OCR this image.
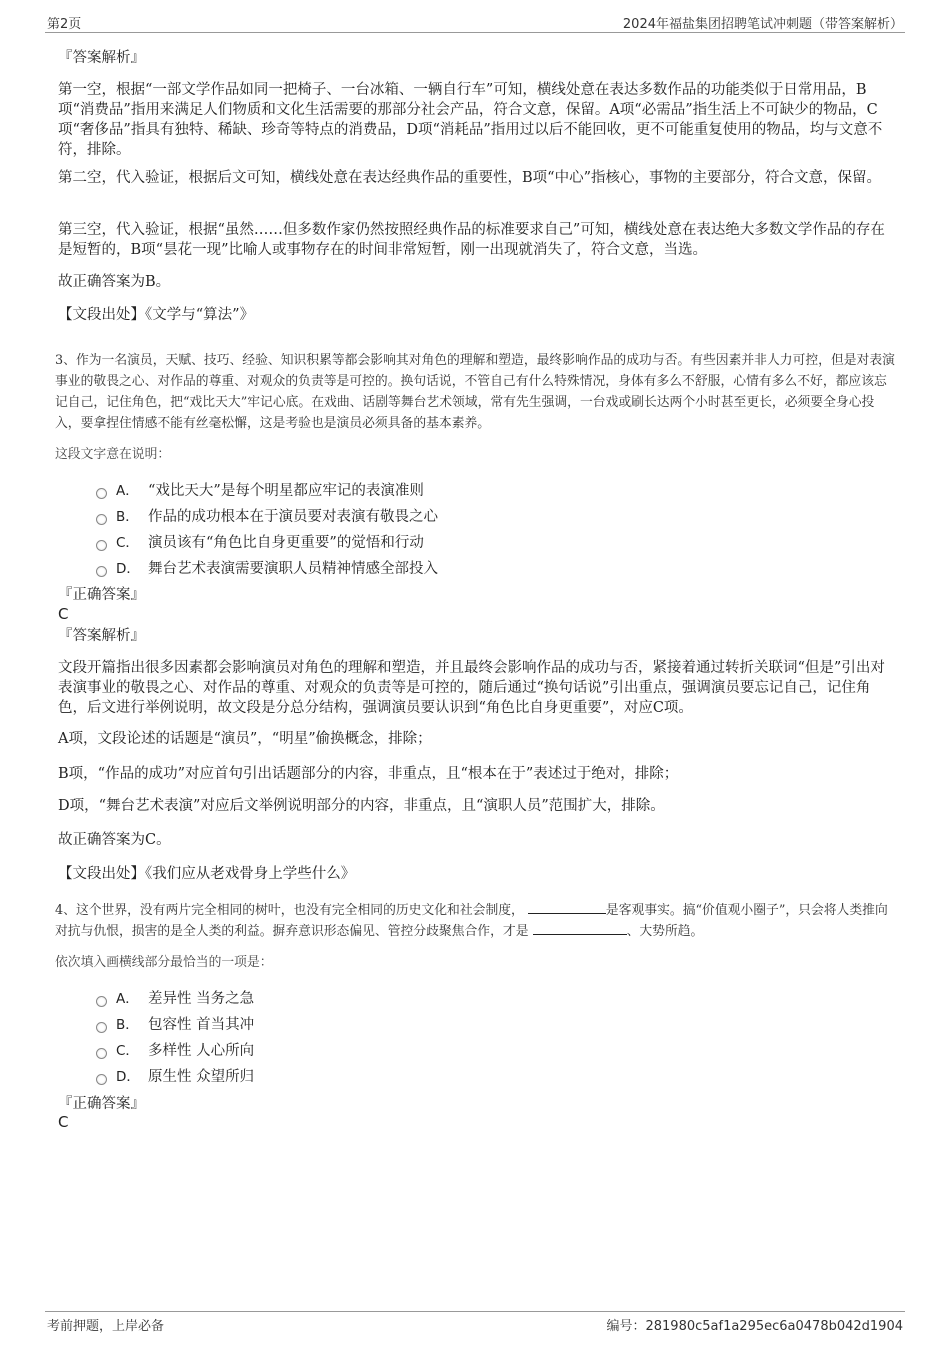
第2页	2024年福盐集团招聘笔试冲刺题（带答案解析）
『答案解析』
第一空，根据“一部文学作品如同一把椅子、一台冰箱、一辆自行车”可知，横线处意在表达多数作品的功能类似于日常用品，B项“消费品”指用来满足人们物质和文化生活需要的那部分社会产品，符合文意，保留。A项“必需品”指生活上不可缺少的物品，C项“奢侈品”指具有独特、稀缺、珍奇等特点的消费品，D项“消耗品”指用过以后不能回收，更不可能重复使用的物品，均与文意不符，排除。
第二空，代入验证，根据后文可知，横线处意在表达经典作品的重要性，B项“中心”指核心，事物的主要部分，符合文意，保留。
第三空，代入验证，根据“虽然……但多数作家仍然按照经典作品的标准要求自己”可知，横线处意在表达绝大多数文学作品的存在是短暂的，B项“昙花一现”比喻人或事物存在的时间非常短暂，刚一出现就消失了，符合文意，当选。
故正确答案为B。
【文段出处】《文学与“算法”》
3、作为一名演员，天赋、技巧、经验、知识积累等都会影响其对角色的理解和塑造，最终影响作品的成功与否。有些因素并非人力可控，但是对表演事业的敬畏之心、对作品的尊重、对观众的负责等是可控的。换句话说，不管自己有什么特殊情况，身体有多么不舒服，心情有多么不好，都应该忘记自己，记住角色，把“戏比天大”牢记心底。在戏曲、话剧等舞台艺术领域，常有先生强调，一台戏或刷长达两个小时甚至更长，必须要全身心投入，要拿捏住情感不能有丝毫松懈，这是考验也是演员必须具备的基本素养。
这段文字意在说明：
A． “戏比天大”是每个明星都应牢记的表演准则
B． 作品的成功根本在于演员要对表演有敬畏之心
C． 演员该有“角色比自身更重要”的觉悟和行动
D． 舞台艺术表演需要演职人员精神情感全部投入
『正确答案』
C
『答案解析』
文段开篇指出很多因素都会影响演员对角色的理解和塑造，并且最终会影响作品的成功与否，紧接着通过转折关联词“但是”引出对表演事业的敬畏之心、对作品的尊重、对观众的负责等是可控的，随后通过“换句话说”引出重点，强调演员要忘记自己，记住角色，后文进行举例说明，故文段是分总分结构，强调演员要认识到“角色比自身更重要”，对应C项。
A项，文段论述的话题是“演员”，“明星”偷换概念，排除；
B项，“作品的成功”对应首句引出话题部分的内容，非重点，且“根本在于”表述过于绝对，排除；
D项，“舞台艺术表演”对应后文举例说明部分的内容，非重点，且“演职人员”范围扩大，排除。
故正确答案为C。
【文段出处】《我们应从老戏骨身上学些什么》
4、这个世界，没有两片完全相同的树叶，也没有完全相同的历史文化和社会制度，	是客观事实。搞“价值观小圈子”，只会将人类推向对抗与仇恨，损害的是全人类的利益。摒弃意识形态偏见、管控分歧聚焦合作，才是	、大势所趋。
依次填入画横线部分最恰当的一项是：
A． 差异性 当务之急
B． 包容性 首当其冲
C． 多样性 人心所向
D． 原生性 众望所归
『正确答案』
C
考前押题，上岸必备	编号：281980c5af1a295ec6a0478b042d1904
